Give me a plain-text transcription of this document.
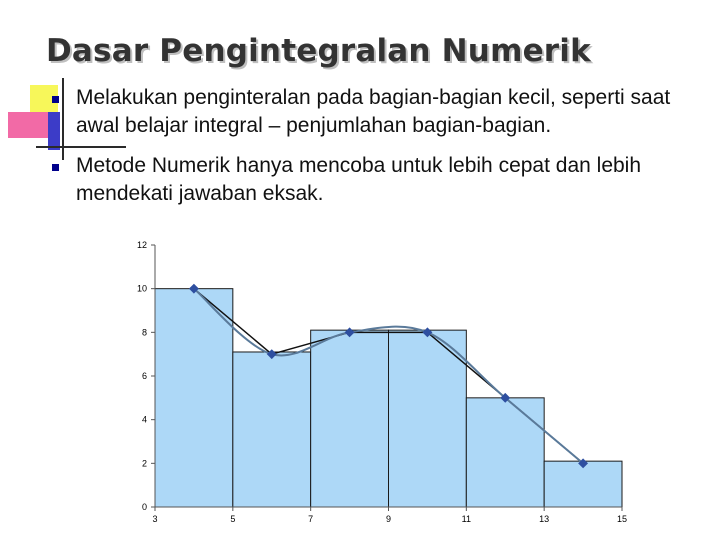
Dasar Pengintegralan Numerik
Melakukan penginteralan pada bagian-bagian kecil, seperti saat awal belajar integral – penjumlahan bagian-bagian.
Metode Numerik hanya mencoba untuk lebih cepat dan lebih mendekati jawaban eksak.
0
2
4
6
8
10
12
3	5	7	9	11	13	15
